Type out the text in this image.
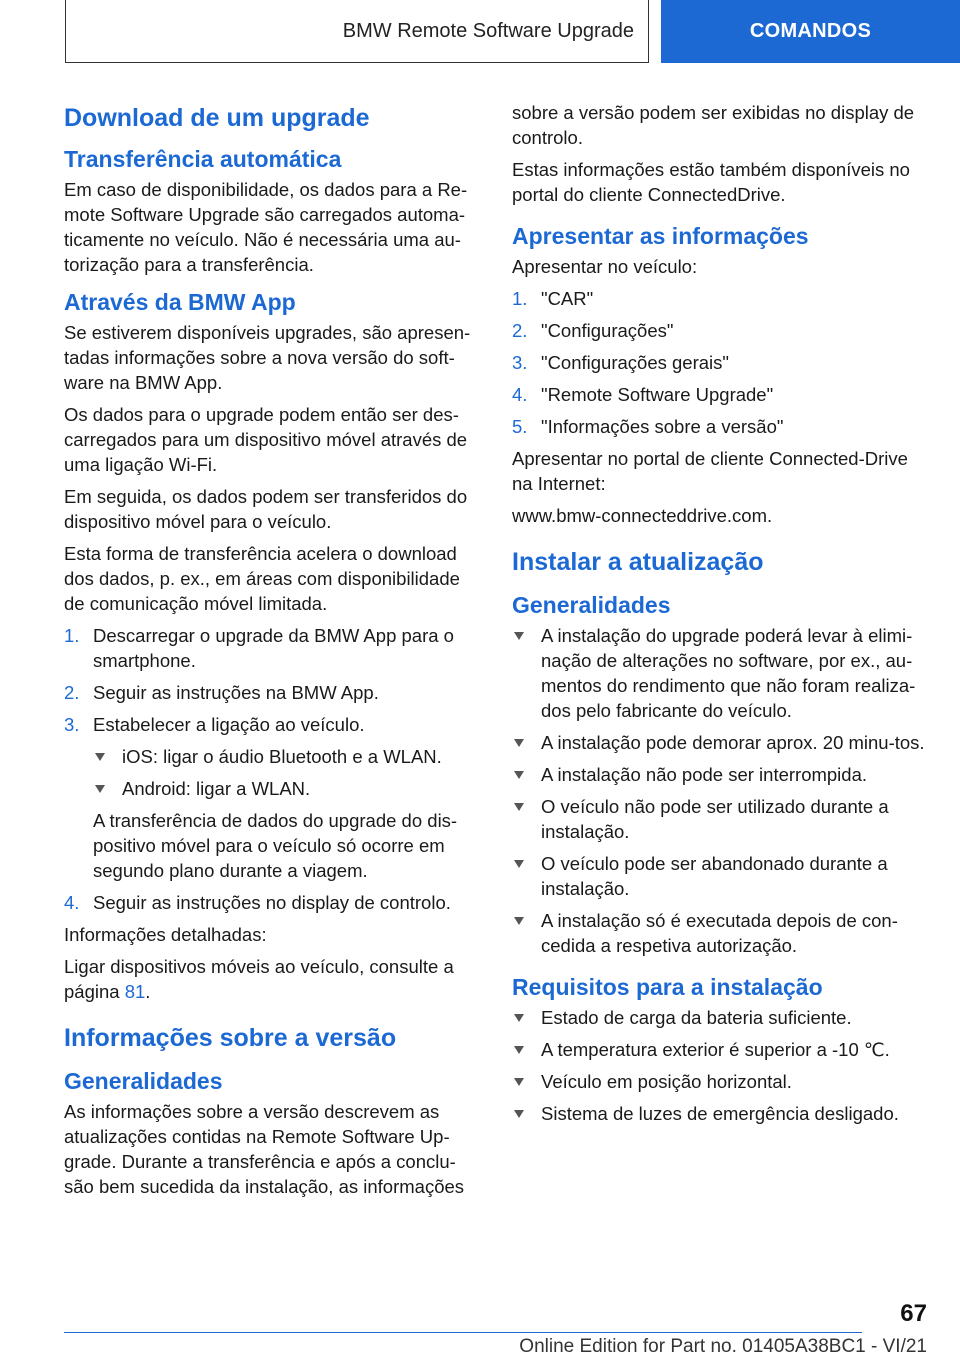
BMW Remote Software Upgrade	COMANDOS
Download de um upgrade
Transferência automática

Em caso de disponibilidade, os dados para a Re-mote Software Upgrade são carregados automa-ticamente no veículo. Não é necessária uma au-torização para a transferência.

Através da BMW App

Se estiverem disponíveis upgrades, são apresen-tadas informações sobre a nova versão do soft-ware na BMW App.

Os dados para o upgrade podem então ser des-carregados para um dispositivo móvel através de uma ligação Wi-Fi.

Em seguida, os dados podem ser transferidos do dispositivo móvel para o veículo.

Esta forma de transferência acelera o download dos dados, p. ex., em áreas com disponibilidade de comunicação móvel limitada.

1. Descarregar o upgrade da BMW App para o smartphone.
2. Seguir as instruções na BMW App.
3. Estabelecer a ligação ao veículo.
iOS: ligar o áudio Bluetooth e a WLAN.
Android: ligar a WLAN.
A transferência de dados do upgrade do dis-positivo móvel para o veículo só ocorre em segundo plano durante a viagem.
4. Seguir as instruções no display de controlo.

Informações detalhadas:

Ligar dispositivos móveis ao veículo, consulte a página 81.

Informações sobre a versão
Generalidades

As informações sobre a versão descrevem as atualizações contidas na Remote Software Up-grade. Durante a transferência e após a conclu-são bem sucedida da instalação, as informações

sobre a versão podem ser exibidas no display de controlo.

Estas informações estão também disponíveis no portal do cliente ConnectedDrive.

Apresentar as informações

Apresentar no veículo:

1. "CAR"
2. "Configurações"
3. "Configurações gerais"
4. "Remote Software Upgrade"
5. "Informações sobre a versão"

Apresentar no portal de cliente Connected-Drive na Internet:

www.bmw-connecteddrive.com.

Instalar a atualização
Generalidades
A instalação do upgrade poderá levar à elimi-nação de alterações no software, por ex., au-mentos do rendimento que não foram realiza-dos pelo fabricante do veículo.
A instalação pode demorar aprox. 20 minu-tos.
A instalação não pode ser interrompida.
O veículo não pode ser utilizado durante a instalação.
O veículo pode ser abandonado durante a instalação.
A instalação só é executada depois de con-cedida a respetiva autorização.
Requisitos para a instalação
Estado de carga da bateria suficiente.
A temperatura exterior é superior a -10 ℃.
Veículo em posição horizontal.
Sistema de luzes de emergência desligado.
67
Online Edition for Part no. 01405A38BC1 - VI/21
